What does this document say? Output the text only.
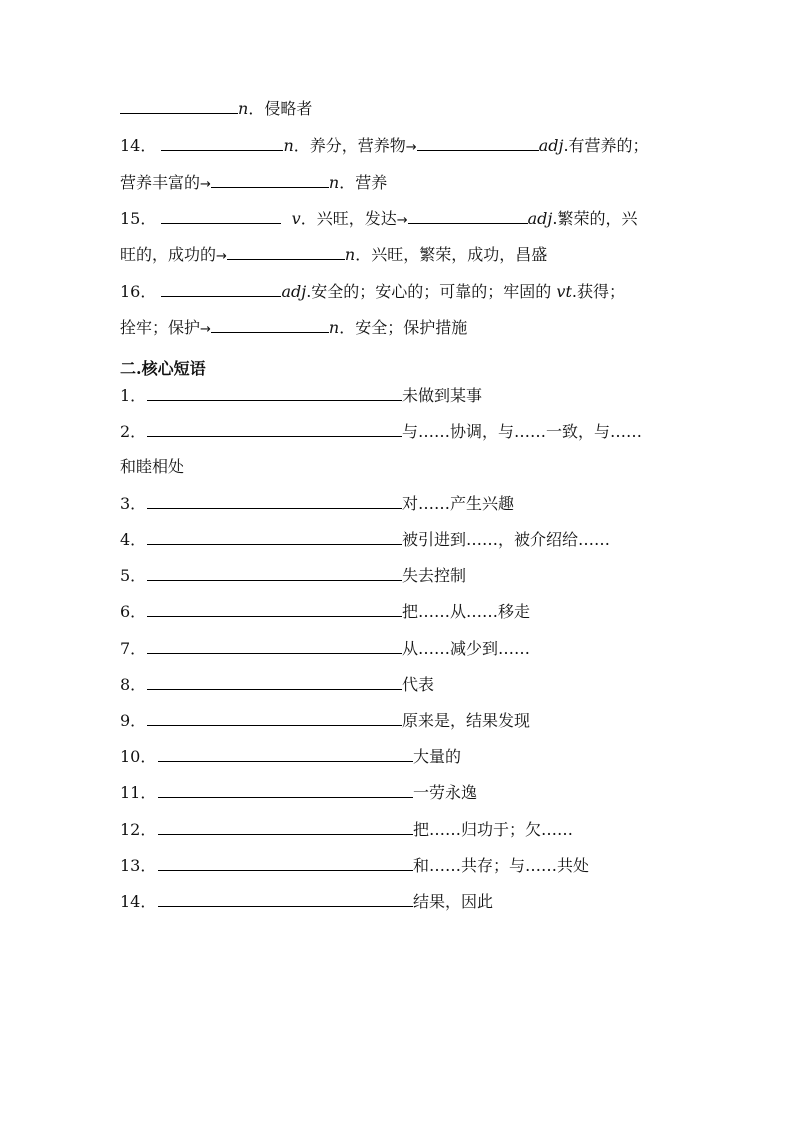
n．侵略者
14．	n．养分，营养物→	adj.有营养的；
营养丰富的→	n．营养
15．	v．兴旺，发达→	adj.繁荣的，兴
旺的，成功的→	n．兴旺，繁荣，成功，昌盛
16．	adj.安全的；安心的；可靠的；牢固的 vt.获得；
拴牢；保护→	n．安全；保护措施
二.核心短语
1．	未做到某事
2．	与……协调，与……一致，与……
和睦相处
3．	对……产生兴趣
4．	被引进到……，被介绍给……
5．	失去控制
6．	把……从……移走
7．	从……减少到……
8．	代表
9．	原来是，结果发现
10．	大量的
11．	一劳永逸
12．	把……归功于；欠……
13．	和……共存；与……共处
14．	结果，因此
